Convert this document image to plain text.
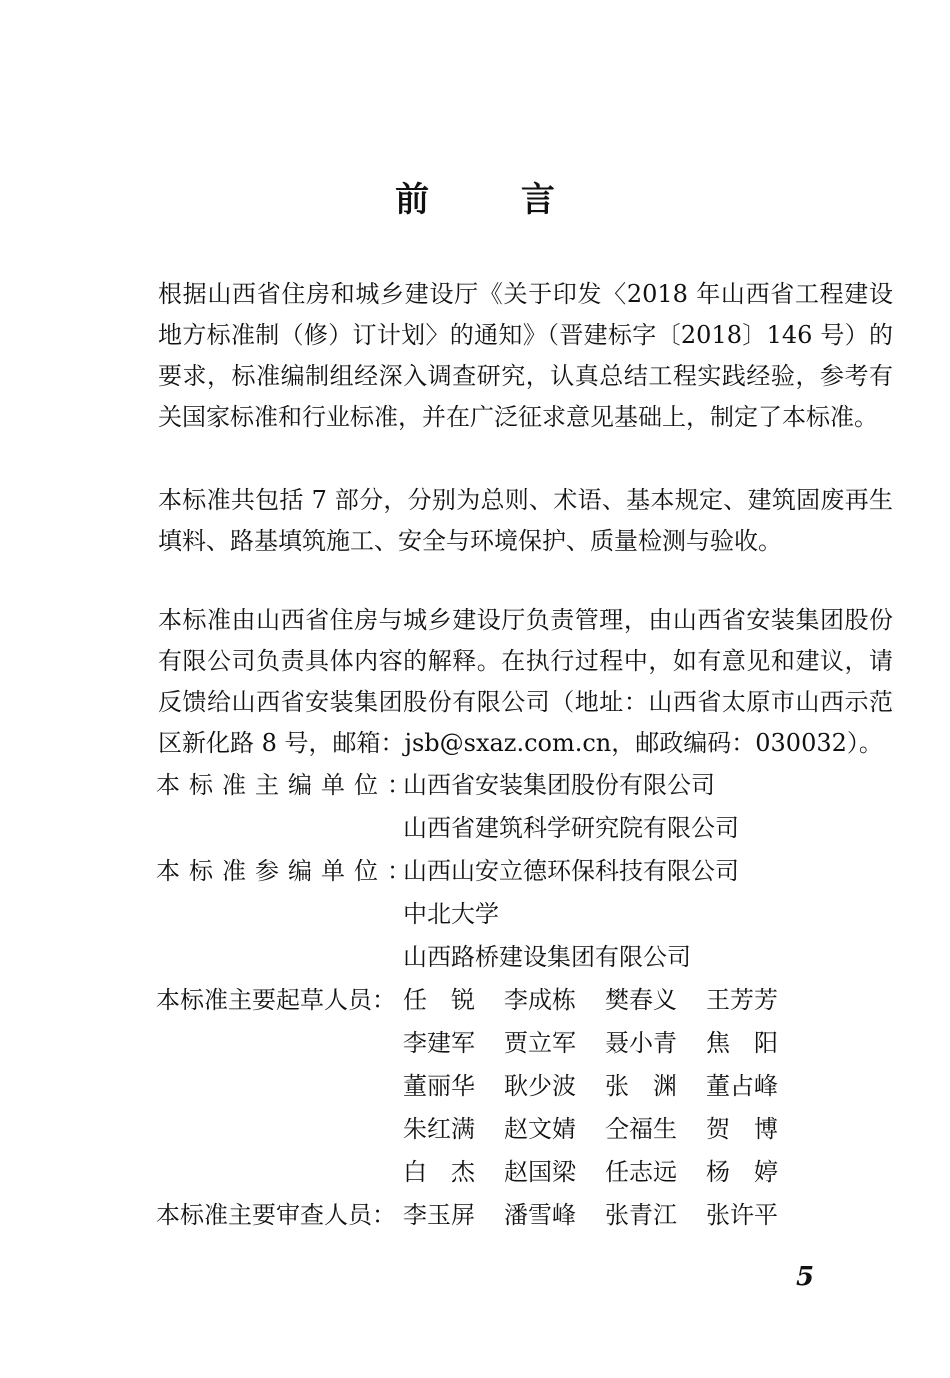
前 言

根据山西省住房和城乡建设厅《关于印发〈2018 年山西省工程建设地方标准制（修）订计划〉的通知》（晋建标字〔2018〕146 号）的要求，标准编制组经深入调查研究，认真总结工程实践经验，参考有关国家标准和行业标准，并在广泛征求意见基础上，制定了本标准。

本标准共包括 7 部分，分别为总则、术语、基本规定、建筑固废再生填料、路基填筑施工、安全与环境保护、质量检测与验收。

本标准由山西省住房与城乡建设厅负责管理，由山西省安装集团股份有限公司负责具体内容的解释。在执行过程中，如有意见和建议，请反馈给山西省安装集团股份有限公司（地址：山西省太原市山西示范区新化路 8 号，邮箱：jsb@sxaz.com.cn，邮政编码：030032）。

本标准主编单位：
山西省安装集团股份有限公司
山西省建筑科学研究院有限公司
本标准参编单位：
山西山安立德环保科技有限公司
中北大学
山西路桥建设集团有限公司
本标准主要起草人员： 任　锐	李成栋	樊春义	王芳芳
李建军	贾立军	聂小青	焦　阳
董丽华	耿少波	张　渊	董占峰
朱红满	赵文婧	仝福生	贺　博
白　杰	赵国梁	任志远	杨　婷
本标准主要审查人员： 李玉屏	潘雪峰	张青江	张许平
5
